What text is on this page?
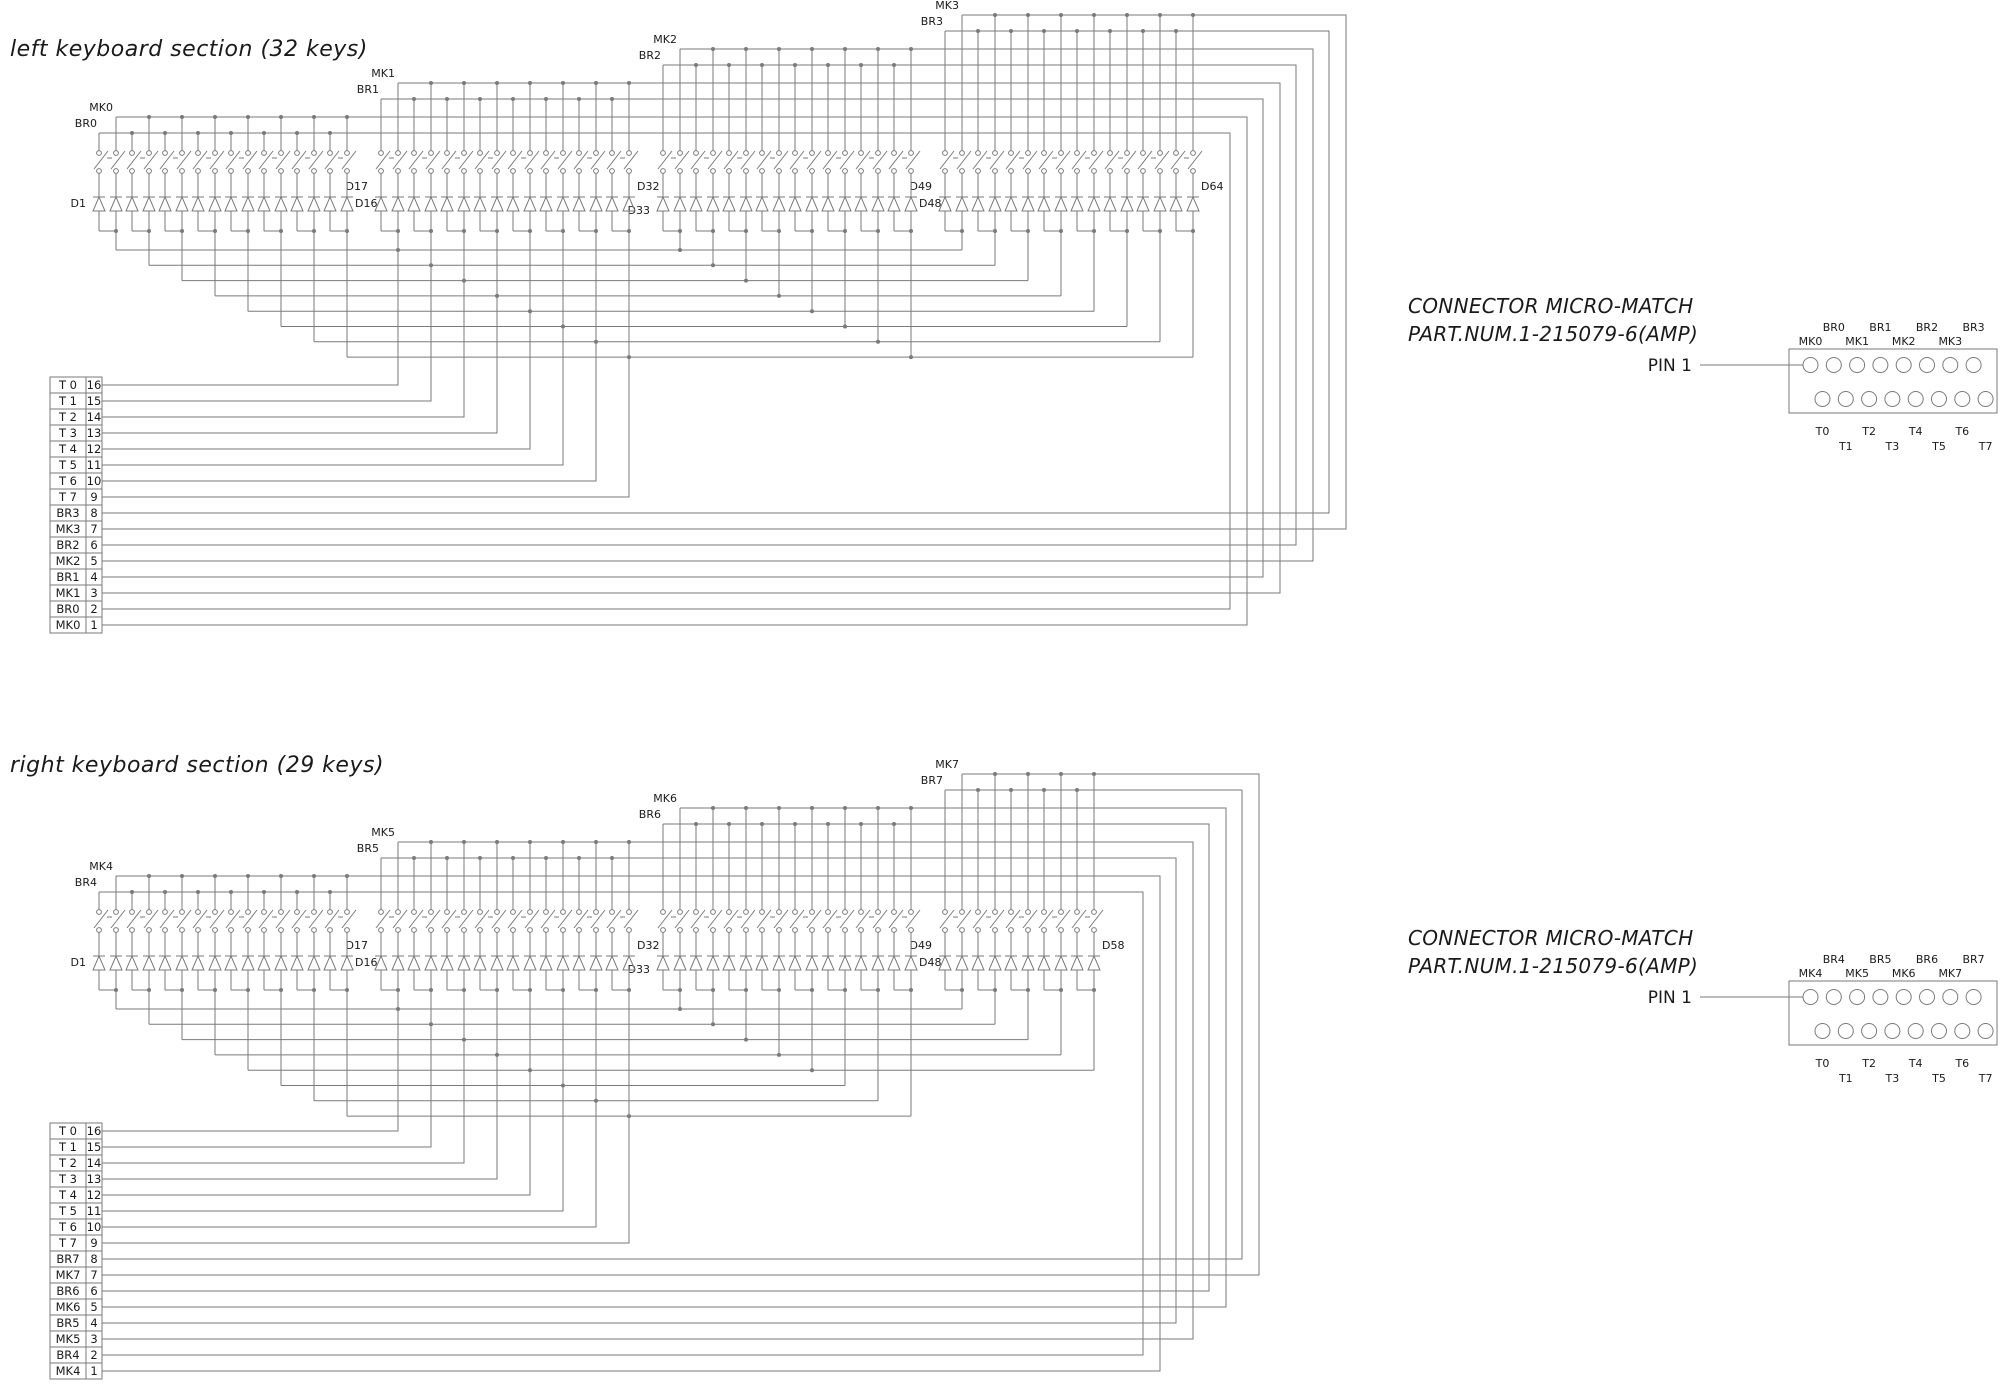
left keyboard section (32 keys)
MK0
BR0
D1	D16
MK1
BR1
D17	D32
MK2
BR2
D33
D48
MK3
BR3
D49	D64
T 0 16
T 1 15
T 2 14
T 3 13
T 4 12
T 5 11
T 6 10
T 7 9
BR3 8
MK3 7
BR2 6
MK2 5
BR1 4
MK1 3
BR0 2
MK0 1
CONNECTOR MICRO-MATCH
PART.NUM.1-215079-6(AMP)
PIN 1
MK0
T0
BR0
T1
MK1
T2
BR1
T3
MK2
T4
BR2
T5
MK3
T6
BR3
T7
right keyboard section (29 keys)
MK4
BR4
D1	D16
MK5
BR5
D17	D32
MK6
BR6
D33
D48
MK7
BR7
D49	D58
T 0 16
T 1 15
T 2 14
T 3 13
T 4 12
T 5 11
T 6 10
T 7 9
BR7 8
MK7 7
BR6 6
MK6 5
BR5 4
MK5 3
BR4 2
MK4 1
CONNECTOR MICRO-MATCH
PART.NUM.1-215079-6(AMP)
PIN 1
MK4
T0
BR4
T1
MK5
T2
BR5
T3
MK6
T4
BR6
T5
MK7
T6
BR7
T7
